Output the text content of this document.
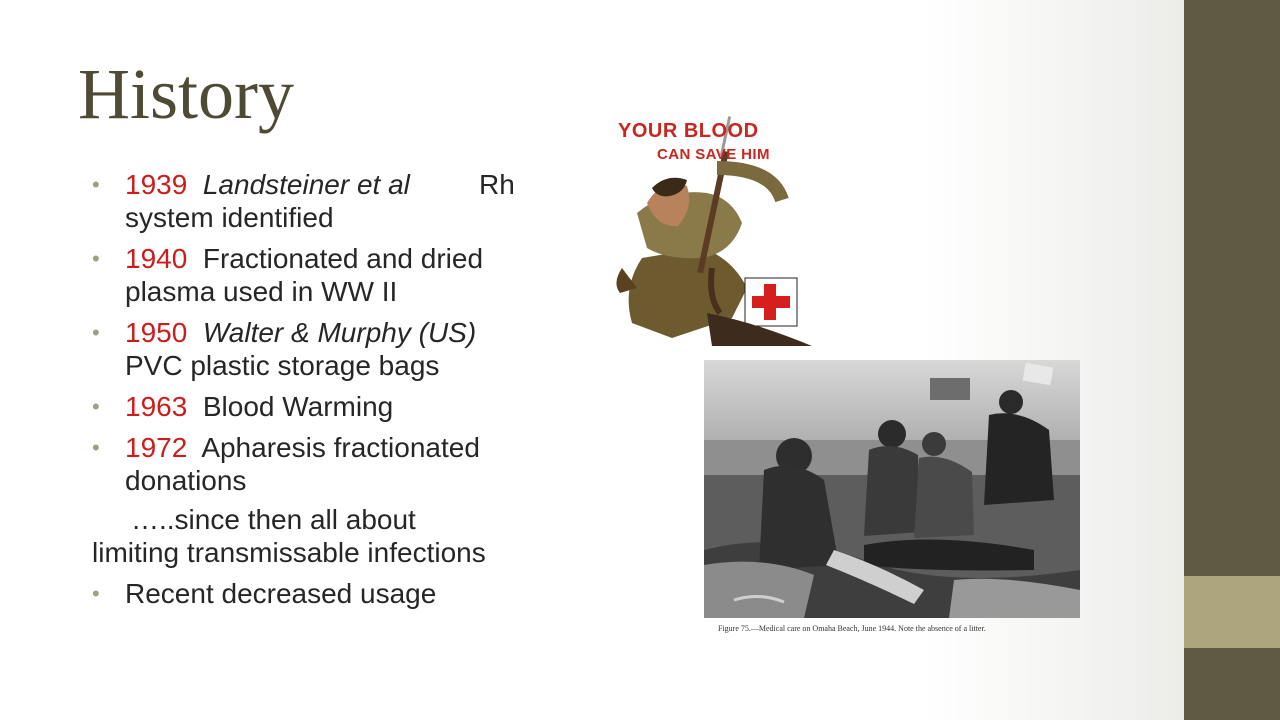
History
• 1939 Landsteiner et al Rh

system identified
• 1940 Fractionated and dried
plasma used in WW II
• 1950 Walter & Murphy (US)
PVC plastic storage bags
• 1963 Blood Warming
• 1972 Apharesis fractionated
donations
…..since then all about
limiting transmissable infections
• Recent decreased usage
YOUR BLOOD
CAN SAVE HIM
Figure 75.—Medical care on Omaha Beach, June 1944. Note the absence of a litter.
